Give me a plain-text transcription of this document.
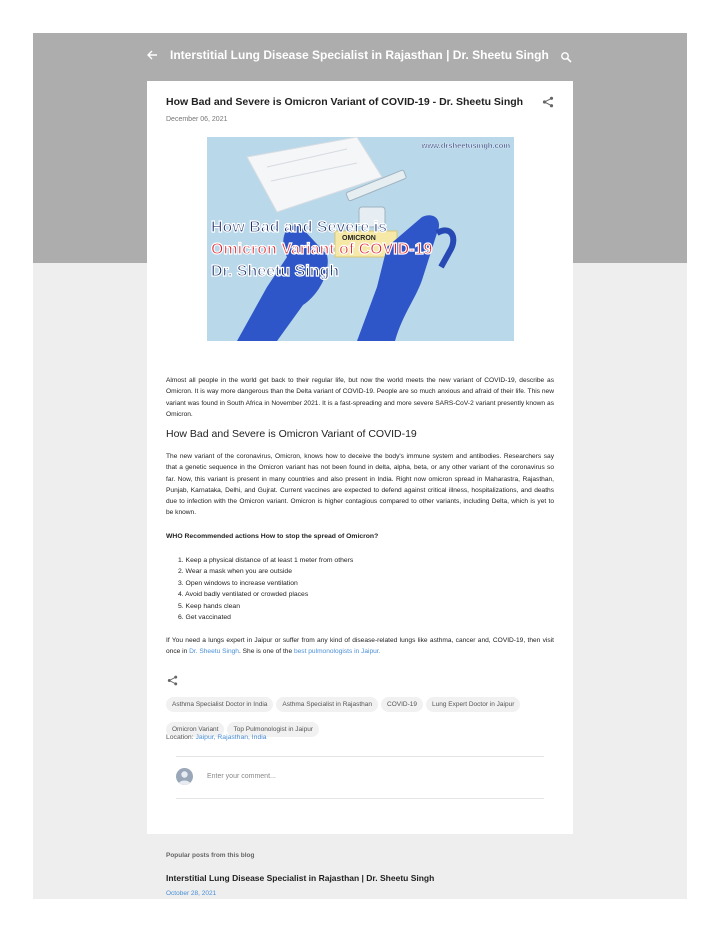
Interstitial Lung Disease Specialist in Rajasthan | Dr. Sheetu Singh
How Bad and Severe is Omicron Variant of COVID-19 - Dr. Sheetu Singh
December 06, 2021
www.drsheetusingh.com
OMICRON
How Bad and Severe is
Omicron Variant of COVID-19
Dr. Sheetu Singh
Almost all people in the world get back to their regular life, but now the world meets the new variant of COVID-19, describe as Omicron. It is way more dangerous than the Delta variant of COVID-19. People are so much anxious and afraid of their life. This new variant was found in South Africa in November 2021. It is a fast-spreading and more severe SARS-CoV-2 variant presently known as Omicron.
How Bad and Severe is Omicron Variant of COVID-19
The new variant of the coronavirus, Omicron, knows how to deceive the body's immune system and antibodies. Researchers say that a genetic sequence in the Omicron variant has not been found in delta, alpha, beta, or any other variant of the coronavirus so far. Now, this variant is present in many countries and also present in India. Right now omicron spread in Maharastra, Rajasthan, Punjab, Karnataka, Delhi, and Gujrat. Current vaccines are expected to defend against critical illness, hospitalizations, and deaths due to infection with the Omicron variant. Omicron is higher contagious compared to other variants, including Delta, which is yet to be known.
WHO Recommended actions How to stop the spread of Omicron?
1. Keep a physical distance of at least 1 meter from others
2. Wear a mask when you are outside
3. Open windows to increase ventilation
4. Avoid badly ventilated or crowded places
5. Keep hands clean
6. Get vaccinated
If You need a lungs expert in Jaipur or suffer from any kind of disease-related lungs like asthma, cancer and, COVID-19, then visit once in Dr. Sheetu Singh. She is one of the best pulmonologists in Jaipur.
Asthma Specialist Doctor in India Asthma Specialist in Rajasthan COVID-19 Lung Expert Doctor in JaipurOmicron Variant Top Pulmonologist in Jaipur
Location: Jaipur, Rajasthan, India
Enter your comment...
Popular posts from this blog
Interstitial Lung Disease Specialist in Rajasthan | Dr. Sheetu Singh
October 28, 2021
